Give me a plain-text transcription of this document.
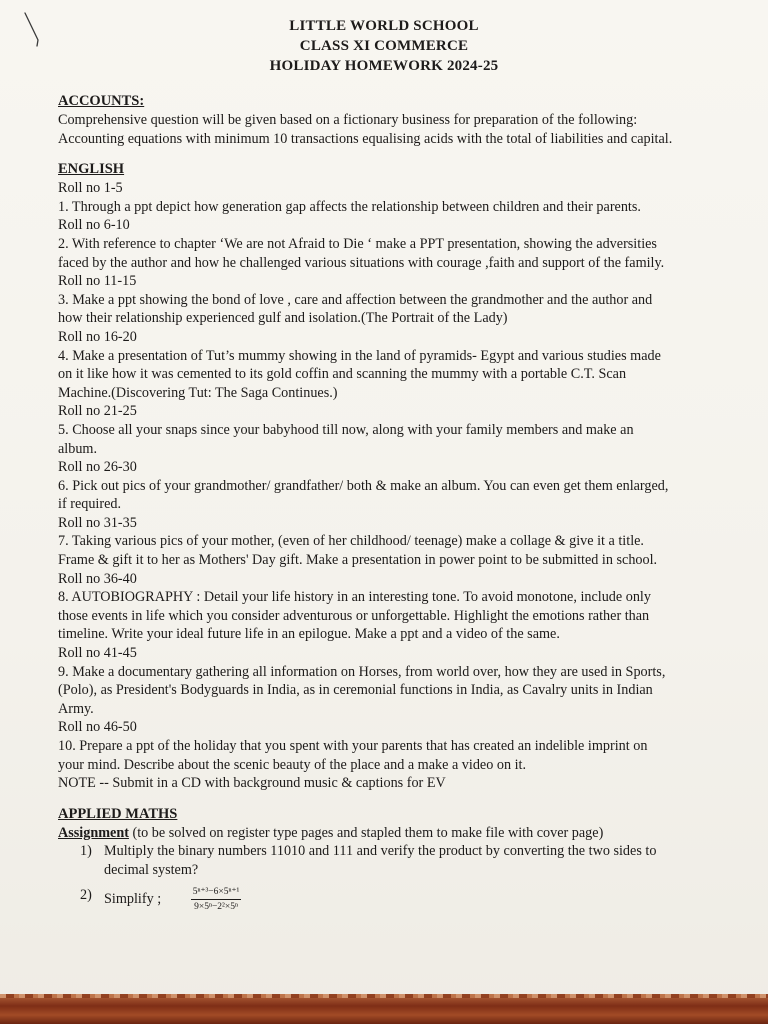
LITTLE WORLD SCHOOL
CLASS XI COMMERCE
HOLIDAY HOMEWORK 2024-25

ACCOUNTS:

Comprehensive question will be given based on a fictionary business for preparation of the following:

Accounting equations with minimum 10 transactions equalising acids with the total of liabilities and capital.

ENGLISH

Roll no 1-5

1. Through a ppt depict how generation gap affects the relationship between children and their parents.

Roll no 6-10

2. With reference to chapter ‘We are not Afraid to Die ‘ make a PPT presentation, showing the adversities

faced by the author and how he challenged various situations with courage ,faith and support of the family.

Roll no 11-15

3. Make a ppt showing the bond of love , care and affection between the grandmother and the author and

how their relationship experienced gulf and isolation.(The Portrait of the Lady)

Roll no 16-20

4. Make a presentation of Tut’s mummy showing in the land of pyramids- Egypt and various studies made

on it like how it was cemented to its gold coffin and scanning the mummy with a portable C.T. Scan

Machine.(Discovering Tut: The Saga Continues.)

Roll no 21-25

5. Choose all your snaps since your babyhood till now, along with your family members and make an

album.

Roll no 26-30

6. Pick out pics of your grandmother/ grandfather/ both & make an album. You can even get them enlarged,

if required.

Roll no 31-35

7. Taking various pics of your mother, (even of her childhood/ teenage) make a collage & give it a title.

Frame & gift it to her as Mothers' Day gift. Make a presentation in power point to be submitted in school.

Roll no 36-40

8. AUTOBIOGRAPHY : Detail your life history in an interesting tone. To avoid monotone, include only

those events in life which you consider adventurous or unforgettable. Highlight the emotions rather than

timeline. Write your ideal future life in an epilogue. Make a ppt and a video of the same.

Roll no 41-45

9. Make a documentary gathering all information on Horses, from world over, how they are used in Sports,

(Polo), as President's Bodyguards in India, as in ceremonial functions in India, as Cavalry units in Indian

Army.

Roll no 46-50

10. Prepare a ppt of the holiday that you spent with your parents that has created an indelible imprint on

your mind. Describe about the scenic beauty of the place and a make a video on it.

NOTE -- Submit in a CD with background music & captions for EV

APPLIED MATHS

Assignment (to be solved on register type pages and stapled them to make file with cover page)

1) Multiply the binary numbers 11010 and 111 and verify the product by converting the two sides to
decimal system?
2) Simplify ;	$\frac{\text{5ⁿ⁺³−6×5ⁿ⁺¹}}{\text{9×5ⁿ−2²×5ⁿ}}$
